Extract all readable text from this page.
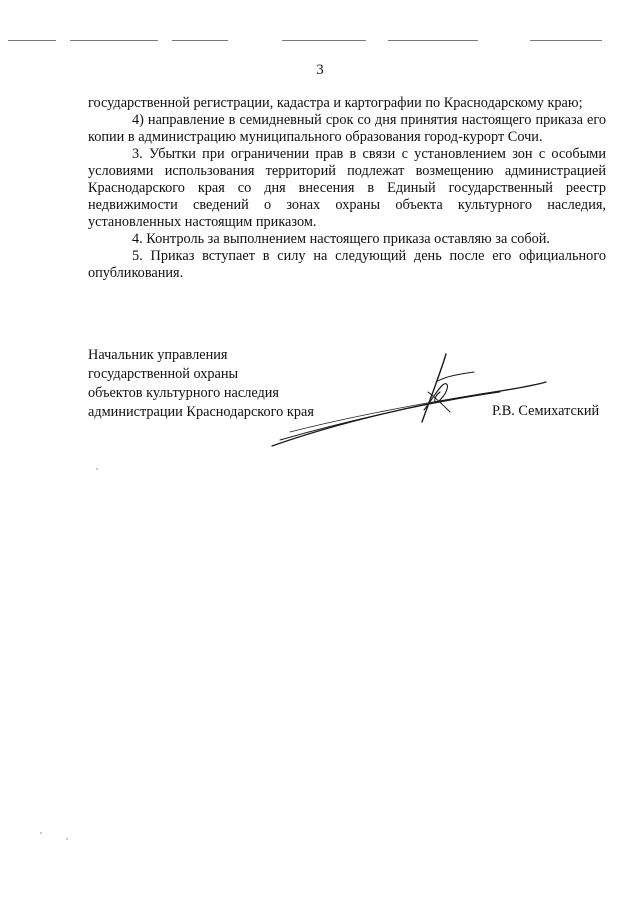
3

государственной регистрации, кадастра и картографии по Краснодарскому краю;

4) направление в семидневный срок со дня принятия настоящего приказа его копии в администрацию муниципального образования город-курорт Сочи.

3. Убытки при ограничении прав в связи с установлением зон с особыми условиями использования территорий подлежат возмещению администрацией Краснодарского края со дня внесения в Единый государственный реестр недвижимости сведений о зонах охраны объекта культурного наследия, установленных настоящим приказом.

4. Контроль за выполнением настоящего приказа оставляю за собой.

5. Приказ вступает в силу на следующий день после его официального опубликования.

Начальник управления
государственной охраны
объектов культурного наследия
администрации Краснодарского края	Р.В. Семихатский
